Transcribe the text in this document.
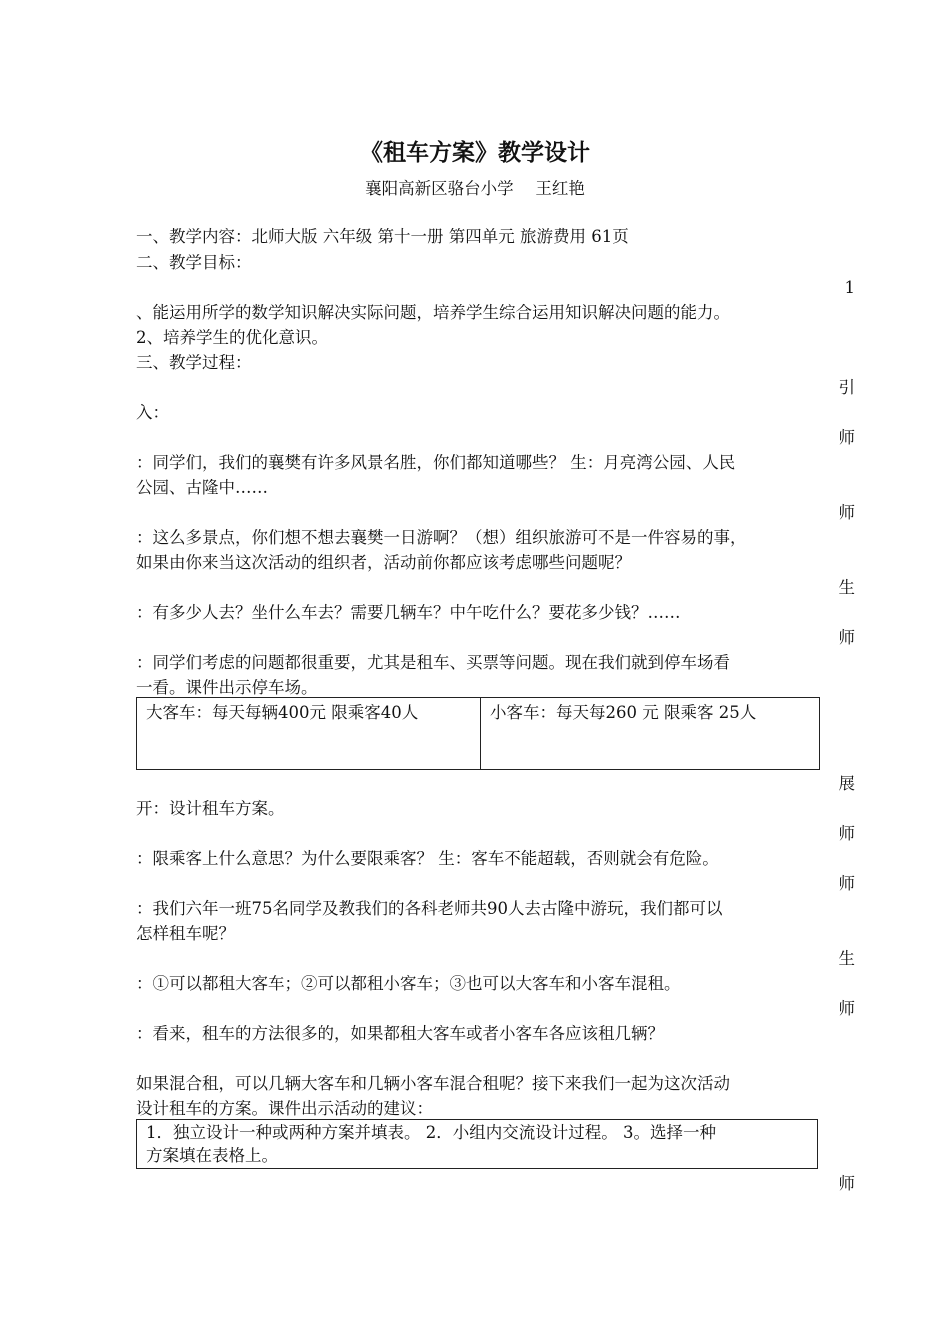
《租车方案》教学设计
襄阳高新区骆台小学　 王红艳
一、教学内容：北师大版 六年级 第十一册 第四单元 旅游费用 61页
二、教学目标：
1
、能运用所学的数学知识解决实际问题，培养学生综合运用知识解决问题的能力。
2、培养学生的优化意识。
三、教学过程：
引
入：
师
：同学们，我们的襄樊有许多风景名胜，你们都知道哪些？ 生：月亮湾公园、人民
公园、古隆中……
师
：这么多景点，你们想不想去襄樊一日游啊？（想）组织旅游可不是一件容易的事，
如果由你来当这次活动的组织者，活动前你都应该考虑哪些问题呢？
生
：有多少人去？坐什么车去？需要几辆车？中午吃什么？要花多少钱？……
师
：同学们考虑的问题都很重要，尤其是租车、买票等问题。现在我们就到停车场看
一看。课件出示停车场。
大客车：每天每辆400元 限乘客40人	小客车：每天每260 元 限乘客 25人
展
开：设计租车方案。
师
：限乘客上什么意思？为什么要限乘客？ 生：客车不能超载，否则就会有危险。
师
：我们六年一班75名同学及教我们的各科老师共90人去古隆中游玩，我们都可以
怎样租车呢？
生
：①可以都租大客车；②可以都租小客车；③也可以大客车和小客车混租。
师
：看来，租车的方法很多的，如果都租大客车或者小客车各应该租几辆？
如果混合租，可以几辆大客车和几辆小客车混合租呢？接下来我们一起为这次活动
设计租车的方案。课件出示活动的建议：
1．独立设计一种或两种方案并填表。 2．小组内交流设计过程。 3。选择一种
方案填在表格上。
师
